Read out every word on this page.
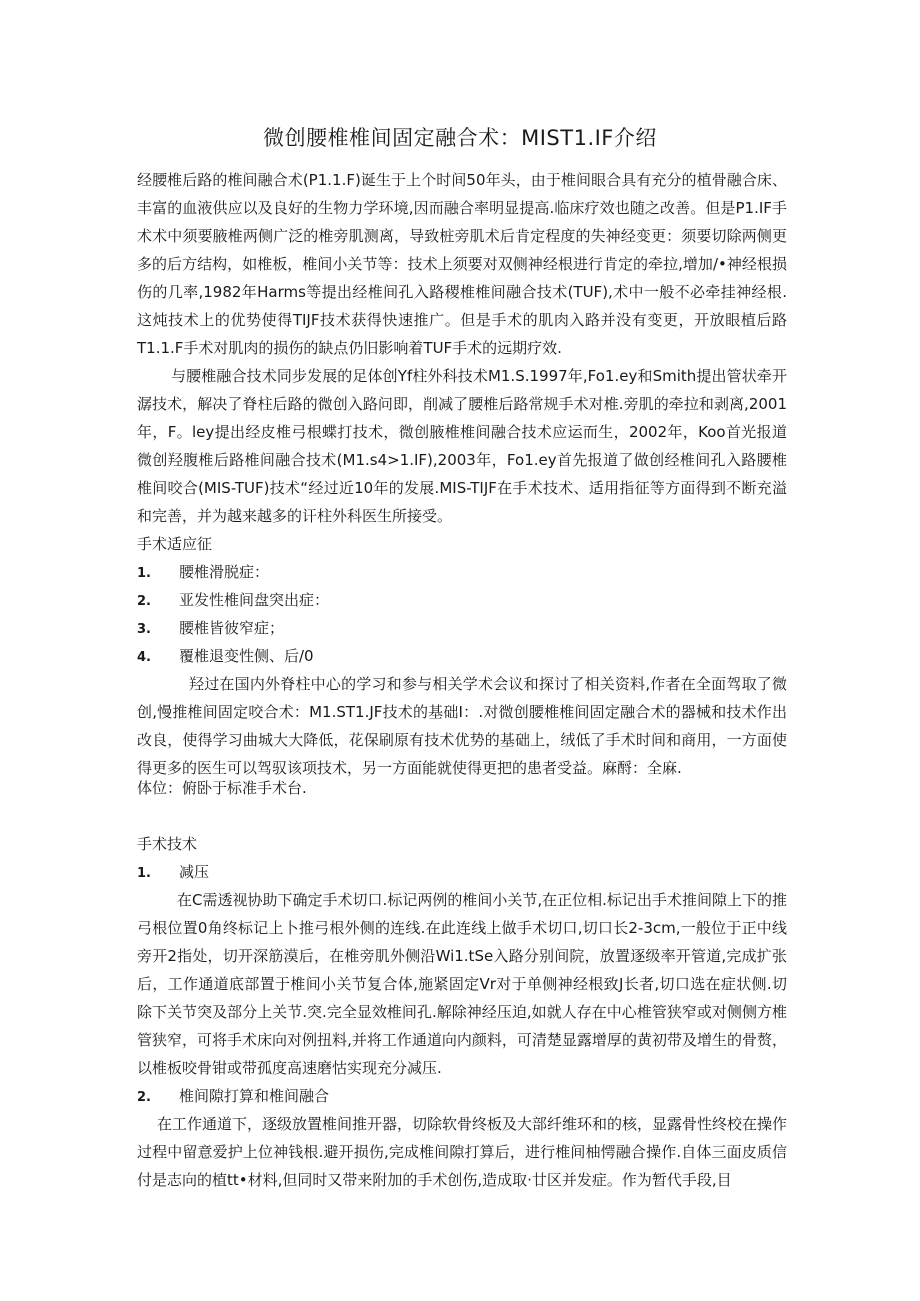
微创腰椎椎间固定融合术：MIST1.IF介绍

经腰椎后路的椎间融合术(P1.1.F)诞生于上个时间50年头，由于椎间眼合具有充分的植骨融合床、丰富的血液供应以及良好的生物力学环境,因而融合率明显提高.临床疗效也随之改善。但是P1.IF手术术中须要腋椎两侧广泛的椎旁肌测离，导致桩旁肌术后肯定程度的失神经变更：须要切除两侧更多的后方结构，如椎板，椎间小关节等：技术上须要对双侧神经根进行肯定的牵拉,增加/•神经根损伤的几率,1982年Harms等提出经椎间孔入路稷椎椎间融合技术(TUF),术中一般不必牵挂神经根.这炖技术上的优势使得TIJF技术获得快速推广。但是手术的肌肉入路并没有变更，开放眼植后路T1.1.F手术对肌肉的损伤的缺点仍旧影响着TUF手术的远期疗效.

与腰椎融合技术同步发展的足体创Yf柱外科技术M1.S.1997年,Fo1.ey和Smith提出管状牵开潺技术，解决了脊柱后路的微创入路问即，削减了腰椎后路常规手术对椎.旁肌的牵拉和剥离,2001年，F。ley提出经皮椎弓根蝶打技术，微创腋椎椎间融合技术应运而生，2002年，Koo首光报道微创羟腹椎后路椎间融合技术(M1.s4>1.IF),2003年，Fo1.ey首先报道了做创经椎间孔入路腰椎椎间咬合(MIS-TUF)技术“经过近10年的发展.MIS-TIJF在手术技术、适用指征等方面得到不断充溢和完善，并为越来越多的讦柱外科医生所接受。

手术适应征
1. 腰椎滑脱症：
2. 亚发性椎间盘突出症：
3. 腰椎皆彼窄症；
4. 覆椎退变性侧、后/0

羟过在国内外脊柱中心的学习和参与相关学术会议和探讨了相关资料,作者在全面驾取了微创,慢推椎间固定咬合术：M1.ST1.JF技术的基础I：.对微创腰椎椎间固定融合术的器械和技术作出改良，使得学习曲城大大降低，花保刷原有技术优势的基础上，绒低了手术时间和商用，一方面使得更多的医生可以驾驭该项技术，另一方面能就使得更把的患者受益。麻酹：全麻.

体位：俯卧于标准手术台.
手术技术
1. 减压

在C需透视协助下确定手术切口.标记两例的椎间小关节,在正位相.标记出手术推间隙上下的推弓根位置0角终标记上卜推弓根外侧的连线.在此连线上做手术切口,切口长2-3cm,一般位于正中线旁开2指处，切开深筋漠后，在椎旁肌外侧沿Wi1.tSe入路分别间院，放置逐级率开管道,完成扩张后，工作通道底部置于椎间小关节复合体,施紧固定Vr对于单侧神经根致J长者,切口选在症状侧.切除下关节突及部分上关节.突.完全显效椎间孔.解除神经压迫,如就人存在中心椎管狭窄或对侧侧方椎管狭窄，可将手术床向对例扭料,并将工作通道向内颜料，可清楚显露增厚的黄初带及增生的骨赘，以椎板咬骨钳或带孤度高速磨怙实现充分减压.

2. 椎间隙打算和椎间融合

在工作通道下，逐级放置椎间推开器，切除软骨终板及大部纤维环和的核，显露骨性终校在操作过程中留意爱护上位神钱根.避开损伤,完成椎间隙打算后，进行椎间柚愕融合操作.自体三面皮质信付是志向的植tt•材料,但同时又带来附加的手术创伤,造成取·廿区并发症。作为暂代手段,目
